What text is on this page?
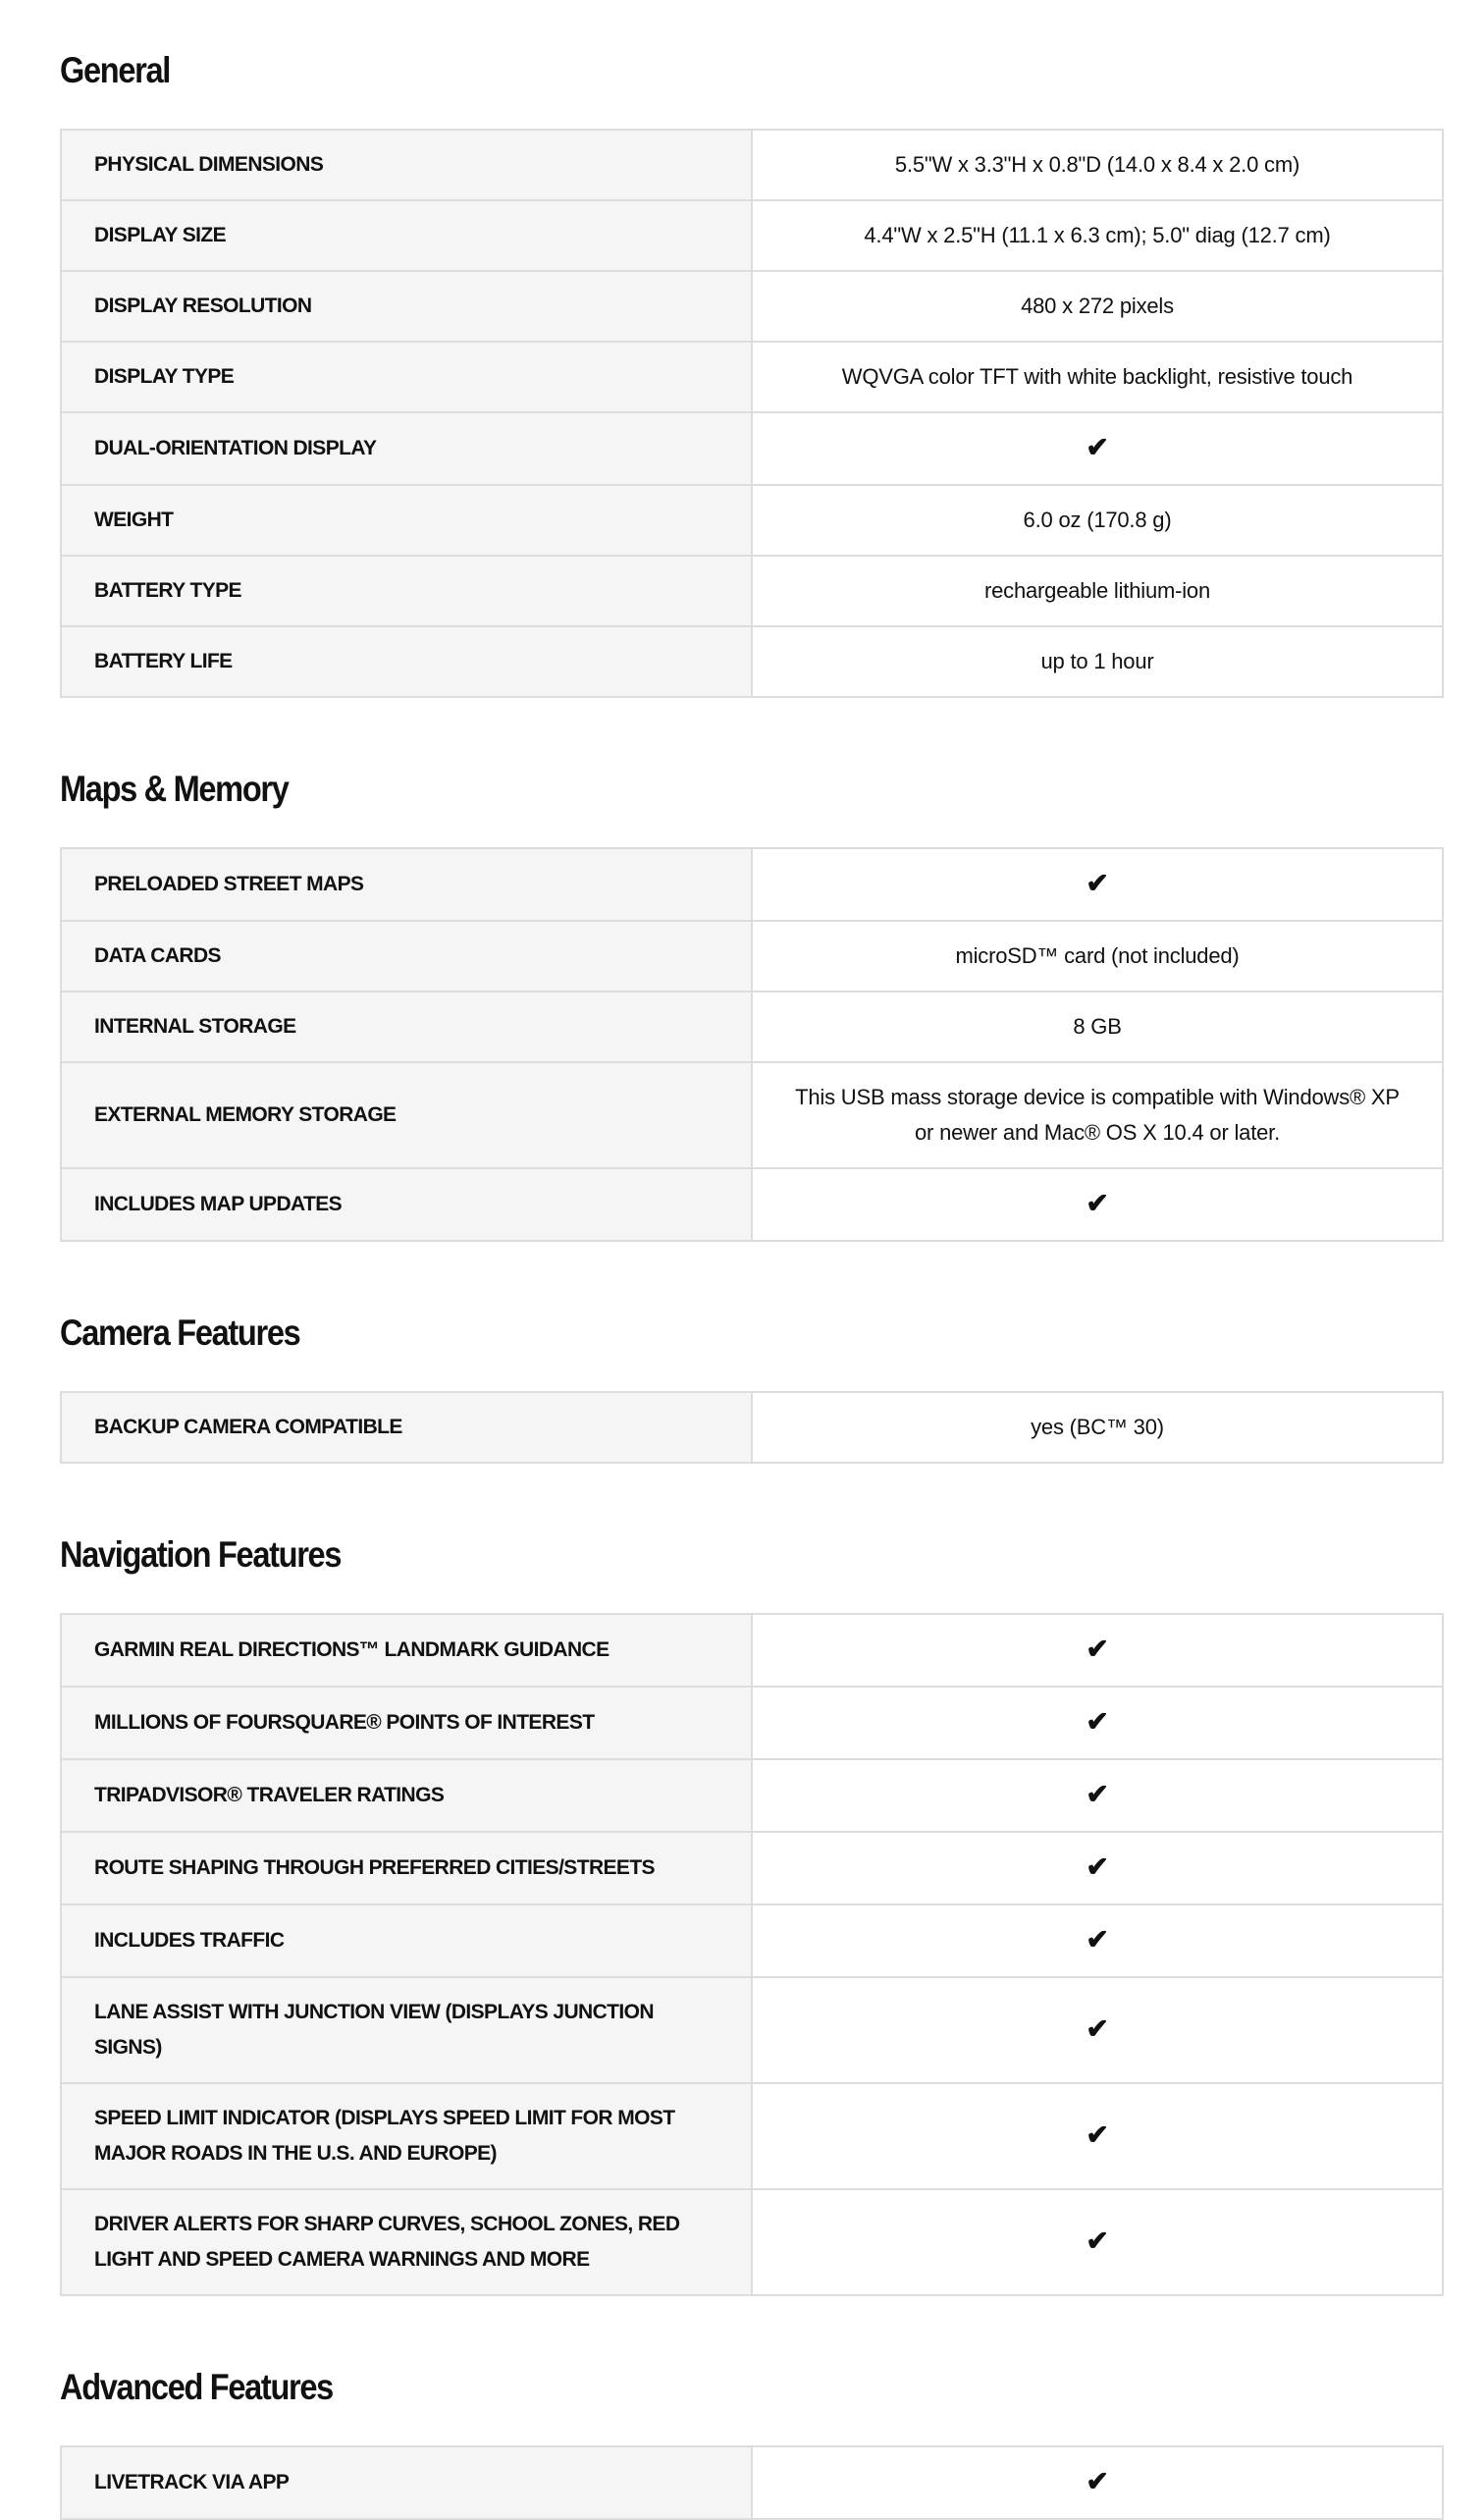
General
PHYSICAL DIMENSIONS	5.5"W x 3.3"H x 0.8"D (14.0 x 8.4 x 2.0 cm)
DISPLAY SIZE	4.4"W x 2.5"H (11.1 x 6.3 cm); 5.0" diag (12.7 cm)
DISPLAY RESOLUTION	480 x 272 pixels
DISPLAY TYPE	WQVGA color TFT with white backlight, resistive touch
DUAL-ORIENTATION DISPLAY	✔
WEIGHT	6.0 oz (170.8 g)
BATTERY TYPE	rechargeable lithium-ion
BATTERY LIFE	up to 1 hour
Maps & Memory
PRELOADED STREET MAPS	✔
DATA CARDS	microSD™ card (not included)
INTERNAL STORAGE	8 GB
EXTERNAL MEMORY STORAGE	This USB mass storage device is compatible with Windows® XP or newer and Mac® OS X 10.4 or later.
INCLUDES MAP UPDATES	✔
Camera Features
BACKUP CAMERA COMPATIBLE	yes (BC™ 30)
Navigation Features
GARMIN REAL DIRECTIONS™ LANDMARK GUIDANCE	✔
MILLIONS OF FOURSQUARE® POINTS OF INTEREST	✔
TRIPADVISOR® TRAVELER RATINGS	✔
ROUTE SHAPING THROUGH PREFERRED CITIES/STREETS	✔
INCLUDES TRAFFIC	✔
LANE ASSIST WITH JUNCTION VIEW (DISPLAYS JUNCTION SIGNS)	✔
SPEED LIMIT INDICATOR (DISPLAYS SPEED LIMIT FOR MOST MAJOR ROADS IN THE U.S. AND EUROPE)	✔
DRIVER ALERTS FOR SHARP CURVES, SCHOOL ZONES, RED LIGHT AND SPEED CAMERA WARNINGS AND MORE	✔
Advanced Features
LIVETRACK VIA APP	✔
